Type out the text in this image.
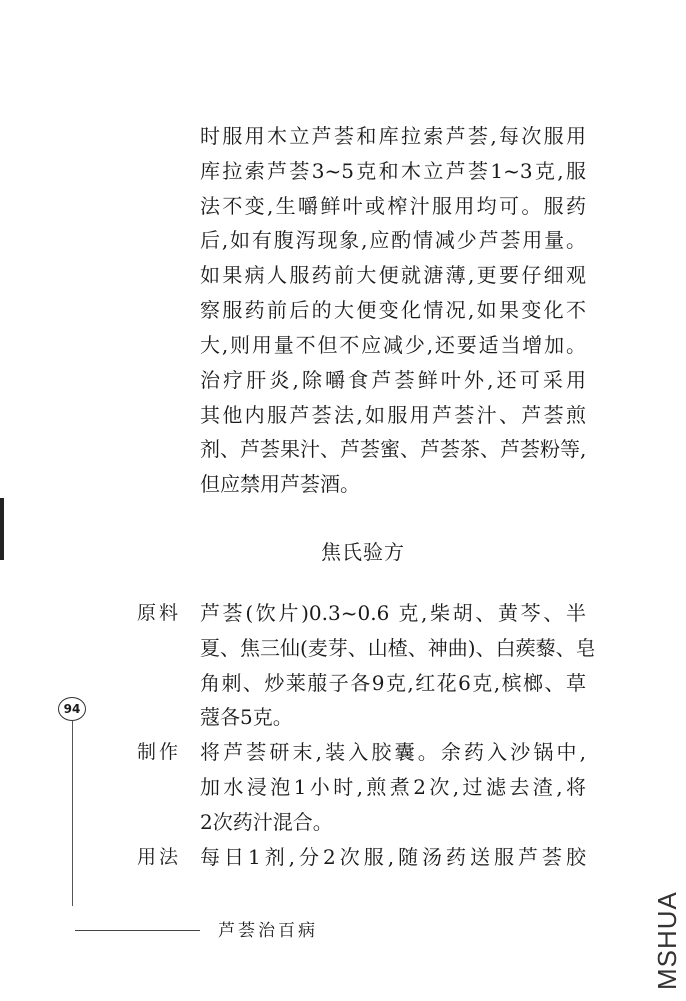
时服用木立芦荟和库拉索芦荟,每次服用
库拉索芦荟3~5克和木立芦荟1~3克,服
法不变,生嚼鲜叶或榨汁服用均可。服药
后,如有腹泻现象,应酌情减少芦荟用量。
如果病人服药前大便就溏薄,更要仔细观
察服药前后的大便变化情况,如果变化不
大,则用量不但不应减少,还要适当增加。
治疗肝炎,除嚼食芦荟鲜叶外,还可采用
其他内服芦荟法,如服用芦荟汁、芦荟煎
剂、芦荟果汁、芦荟蜜、芦荟茶、芦荟粉等,
但应禁用芦荟酒。
焦氏验方
原料 芦荟(饮片)0.3~0.6 克,柴胡、黄芩、半
夏、焦三仙(麦芽、山楂、神曲)、白蒺藜、皂
角刺、炒莱菔子各9克,红花6克,槟榔、草
蔻各5克。
制作 将芦荟研末,装入胶囊。余药入沙锅中,
加水浸泡1小时,煎煮2次,过滤去渣,将
2次药汁混合。
用法 每日1剂,分2次服,随汤药送服芦荟胶
94
芦荟治百病	MSHUA
